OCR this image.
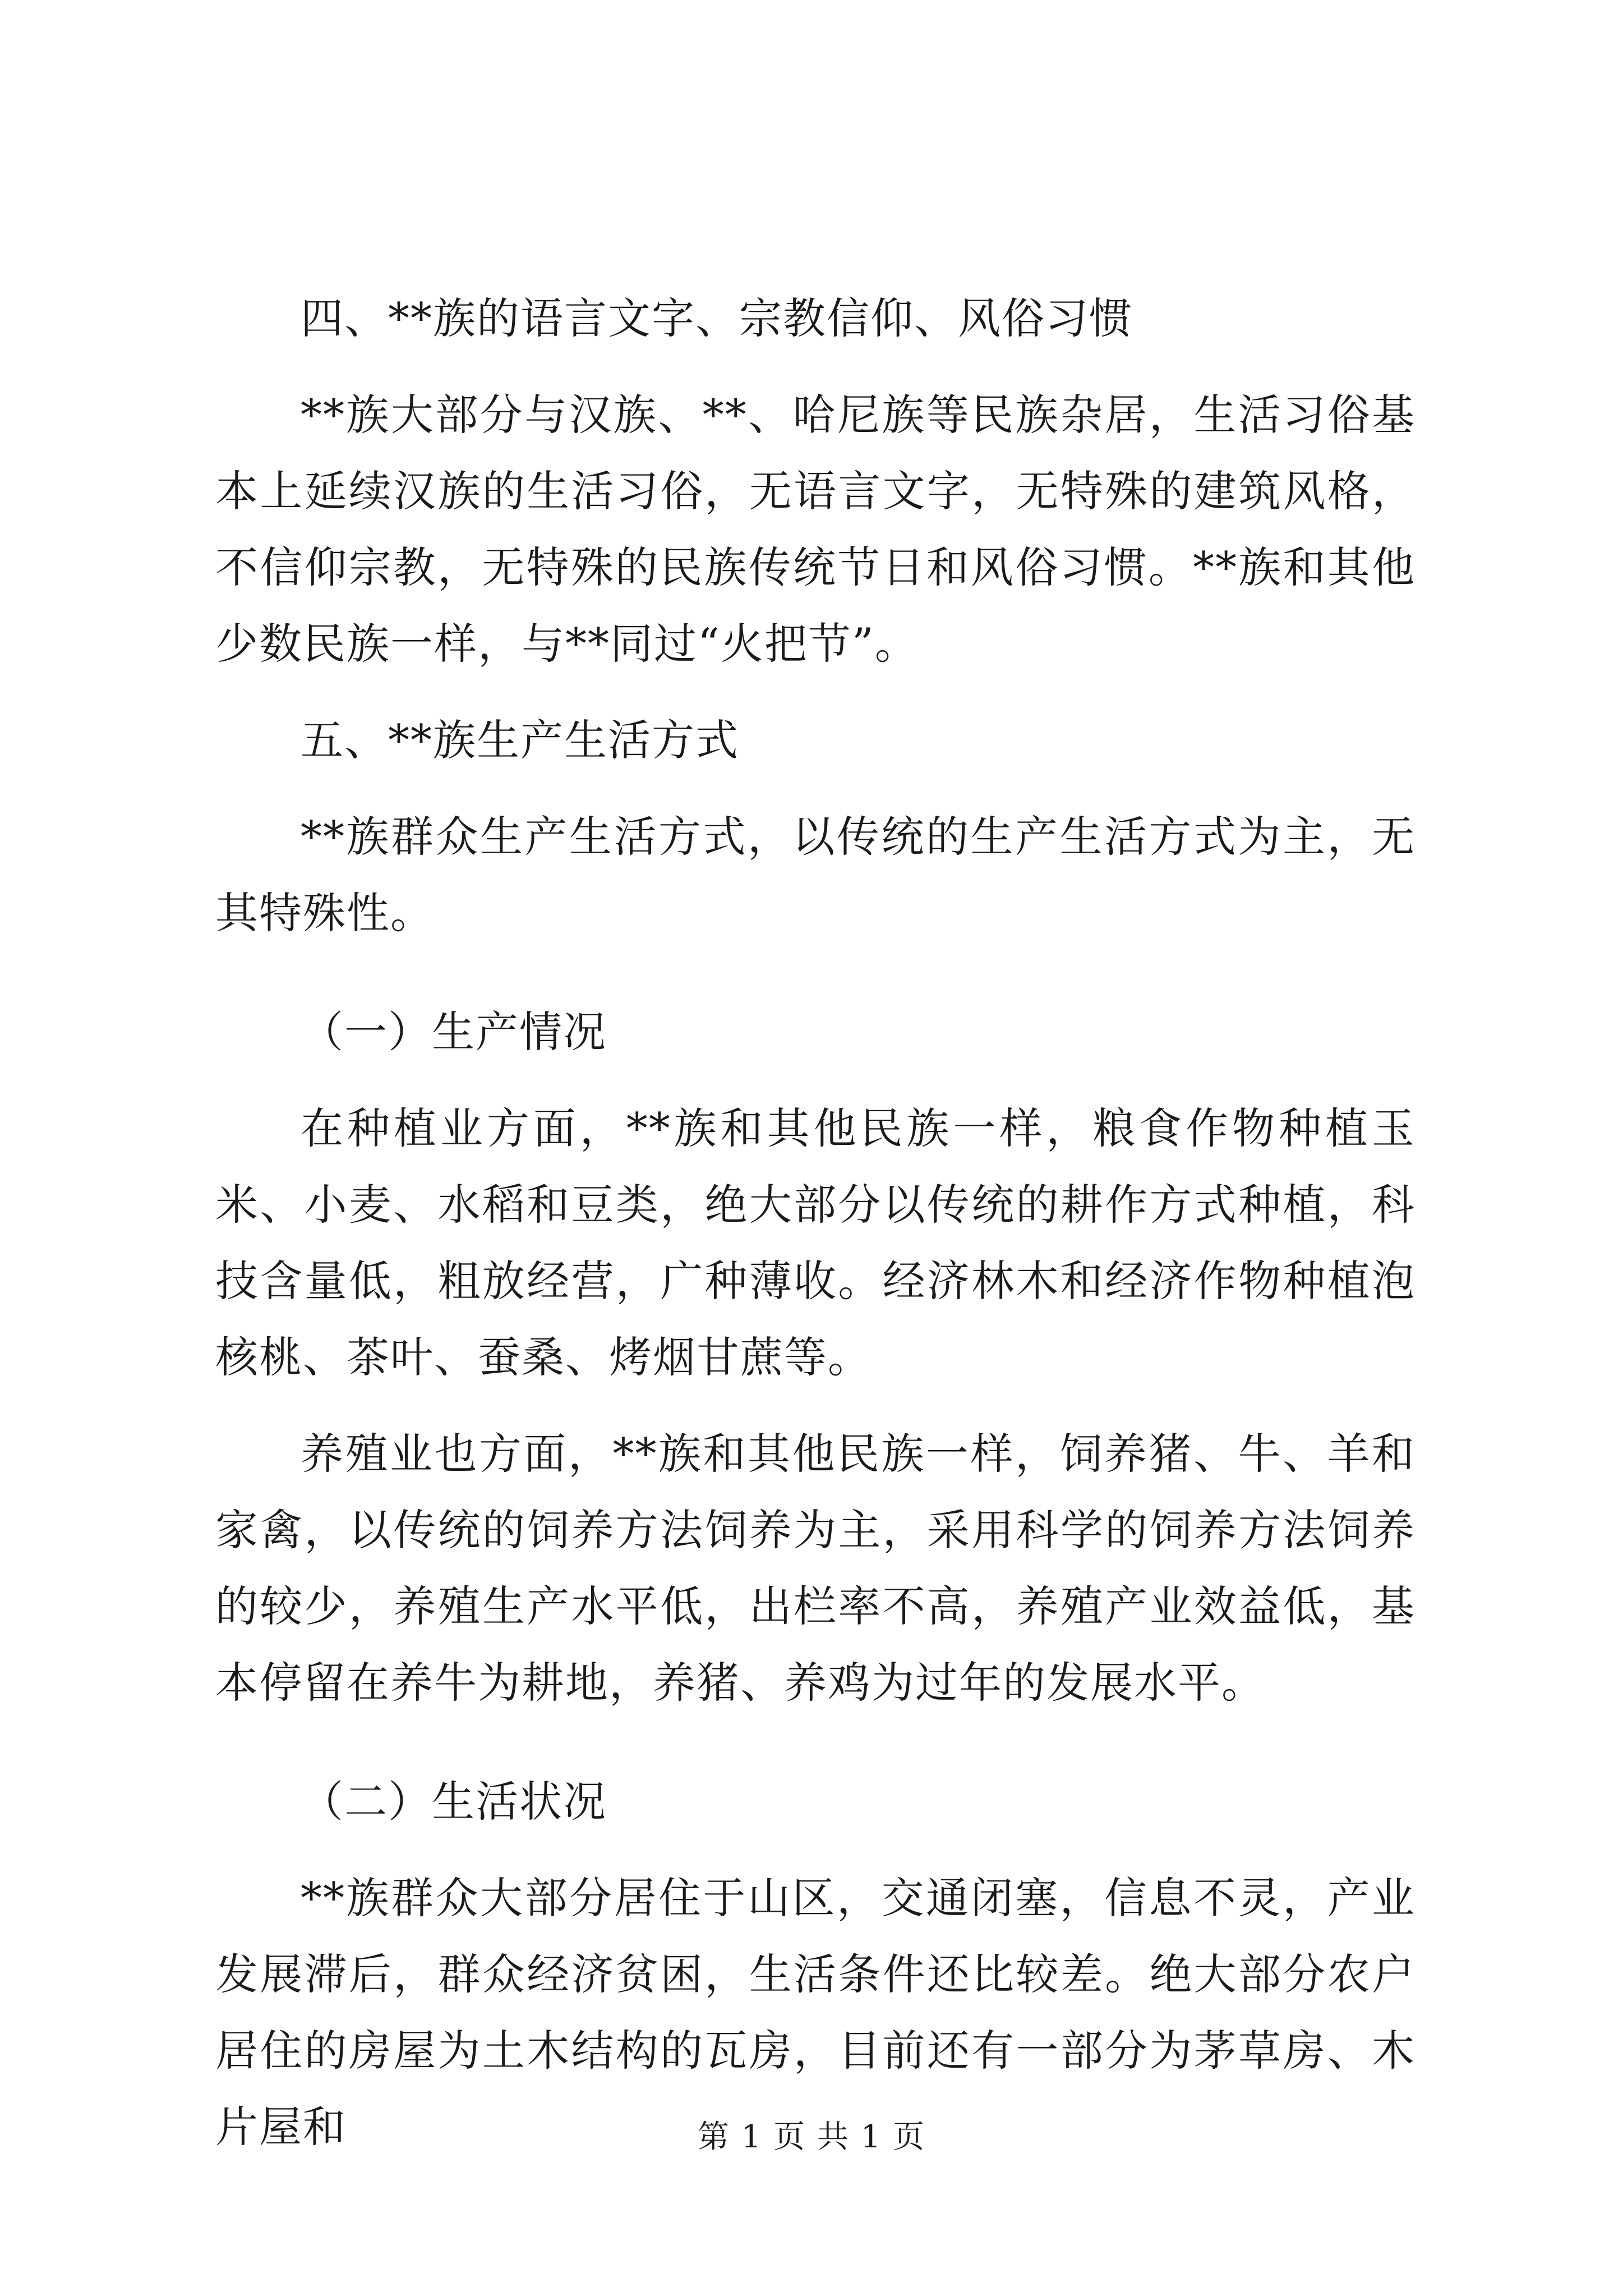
四、**族的语言文字、宗教信仰、风俗习惯

**族大部分与汉族、**、哈尼族等民族杂居，生活习俗基本上延续汉族的生活习俗，无语言文字，无特殊的建筑风格，不信仰宗教，无特殊的民族传统节日和风俗习惯。**族和其他少数民族一样，与**同过“火把节”。

五、**族生产生活方式

**族群众生产生活方式，以传统的生产生活方式为主，无其特殊性。

（一）生产情况

在种植业方面，**族和其他民族一样，粮食作物种植玉米、小麦、水稻和豆类，绝大部分以传统的耕作方式种植，科技含量低，粗放经营，广种薄收。经济林木和经济作物种植泡核桃、茶叶、蚕桑、烤烟甘蔗等。

养殖业也方面，**族和其他民族一样，饲养猪、牛、羊和家禽，以传统的饲养方法饲养为主，采用科学的饲养方法饲养的较少，养殖生产水平低，出栏率不高，养殖产业效益低，基本停留在养牛为耕地，养猪、养鸡为过年的发展水平。

（二）生活状况

**族群众大部分居住于山区，交通闭塞，信息不灵，产业发展滞后，群众经济贫困，生活条件还比较差。绝大部分农户居住的房屋为土木结构的瓦房，目前还有一部分为茅草房、木片屋和	第 1 页 共 1 页
